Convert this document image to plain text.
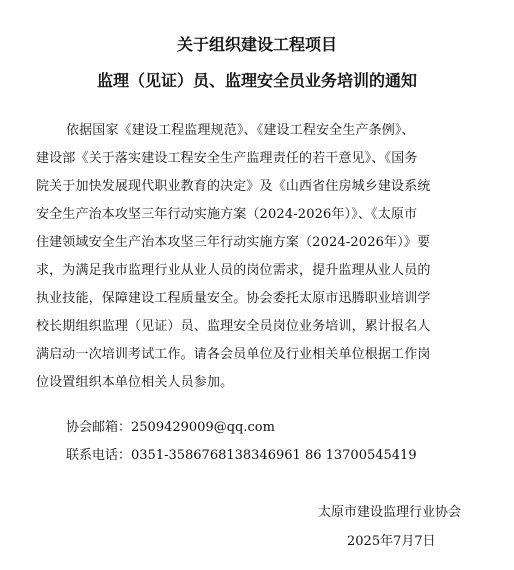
关于组织建设工程项目
监理（见证）员、监理安全员业务培训的通知
依据国家《建设工程监理规范》、《建设工程安全生产条例》、
建设部《关于落实建设工程安全生产监理责任的若干意见》、《国务
院关于加快发展现代职业教育的决定》及《山西省住房城乡建设系统
安全生产治本攻坚三年行动实施方案（2024-2026年）》、《太原市
住建领域安全生产治本攻坚三年行动实施方案（2024-2026年）》要
求，为满足我市监理行业从业人员的岗位需求，提升监理从业人员的
执业技能，保障建设工程质量安全。协会委托太原市迅腾职业培训学
校长期组织监理（见证）员、监理安全员岗位业务培训，累计报名人
满启动一次培训考试工作。请各会员单位及行业相关单位根据工作岗
位设置组织本单位相关人员参加。
协会邮箱：2509429009@qq.com
联系电话：0351-3586768138346961 86 13700545419
太原市建设监理行业协会
2025年7月7日
